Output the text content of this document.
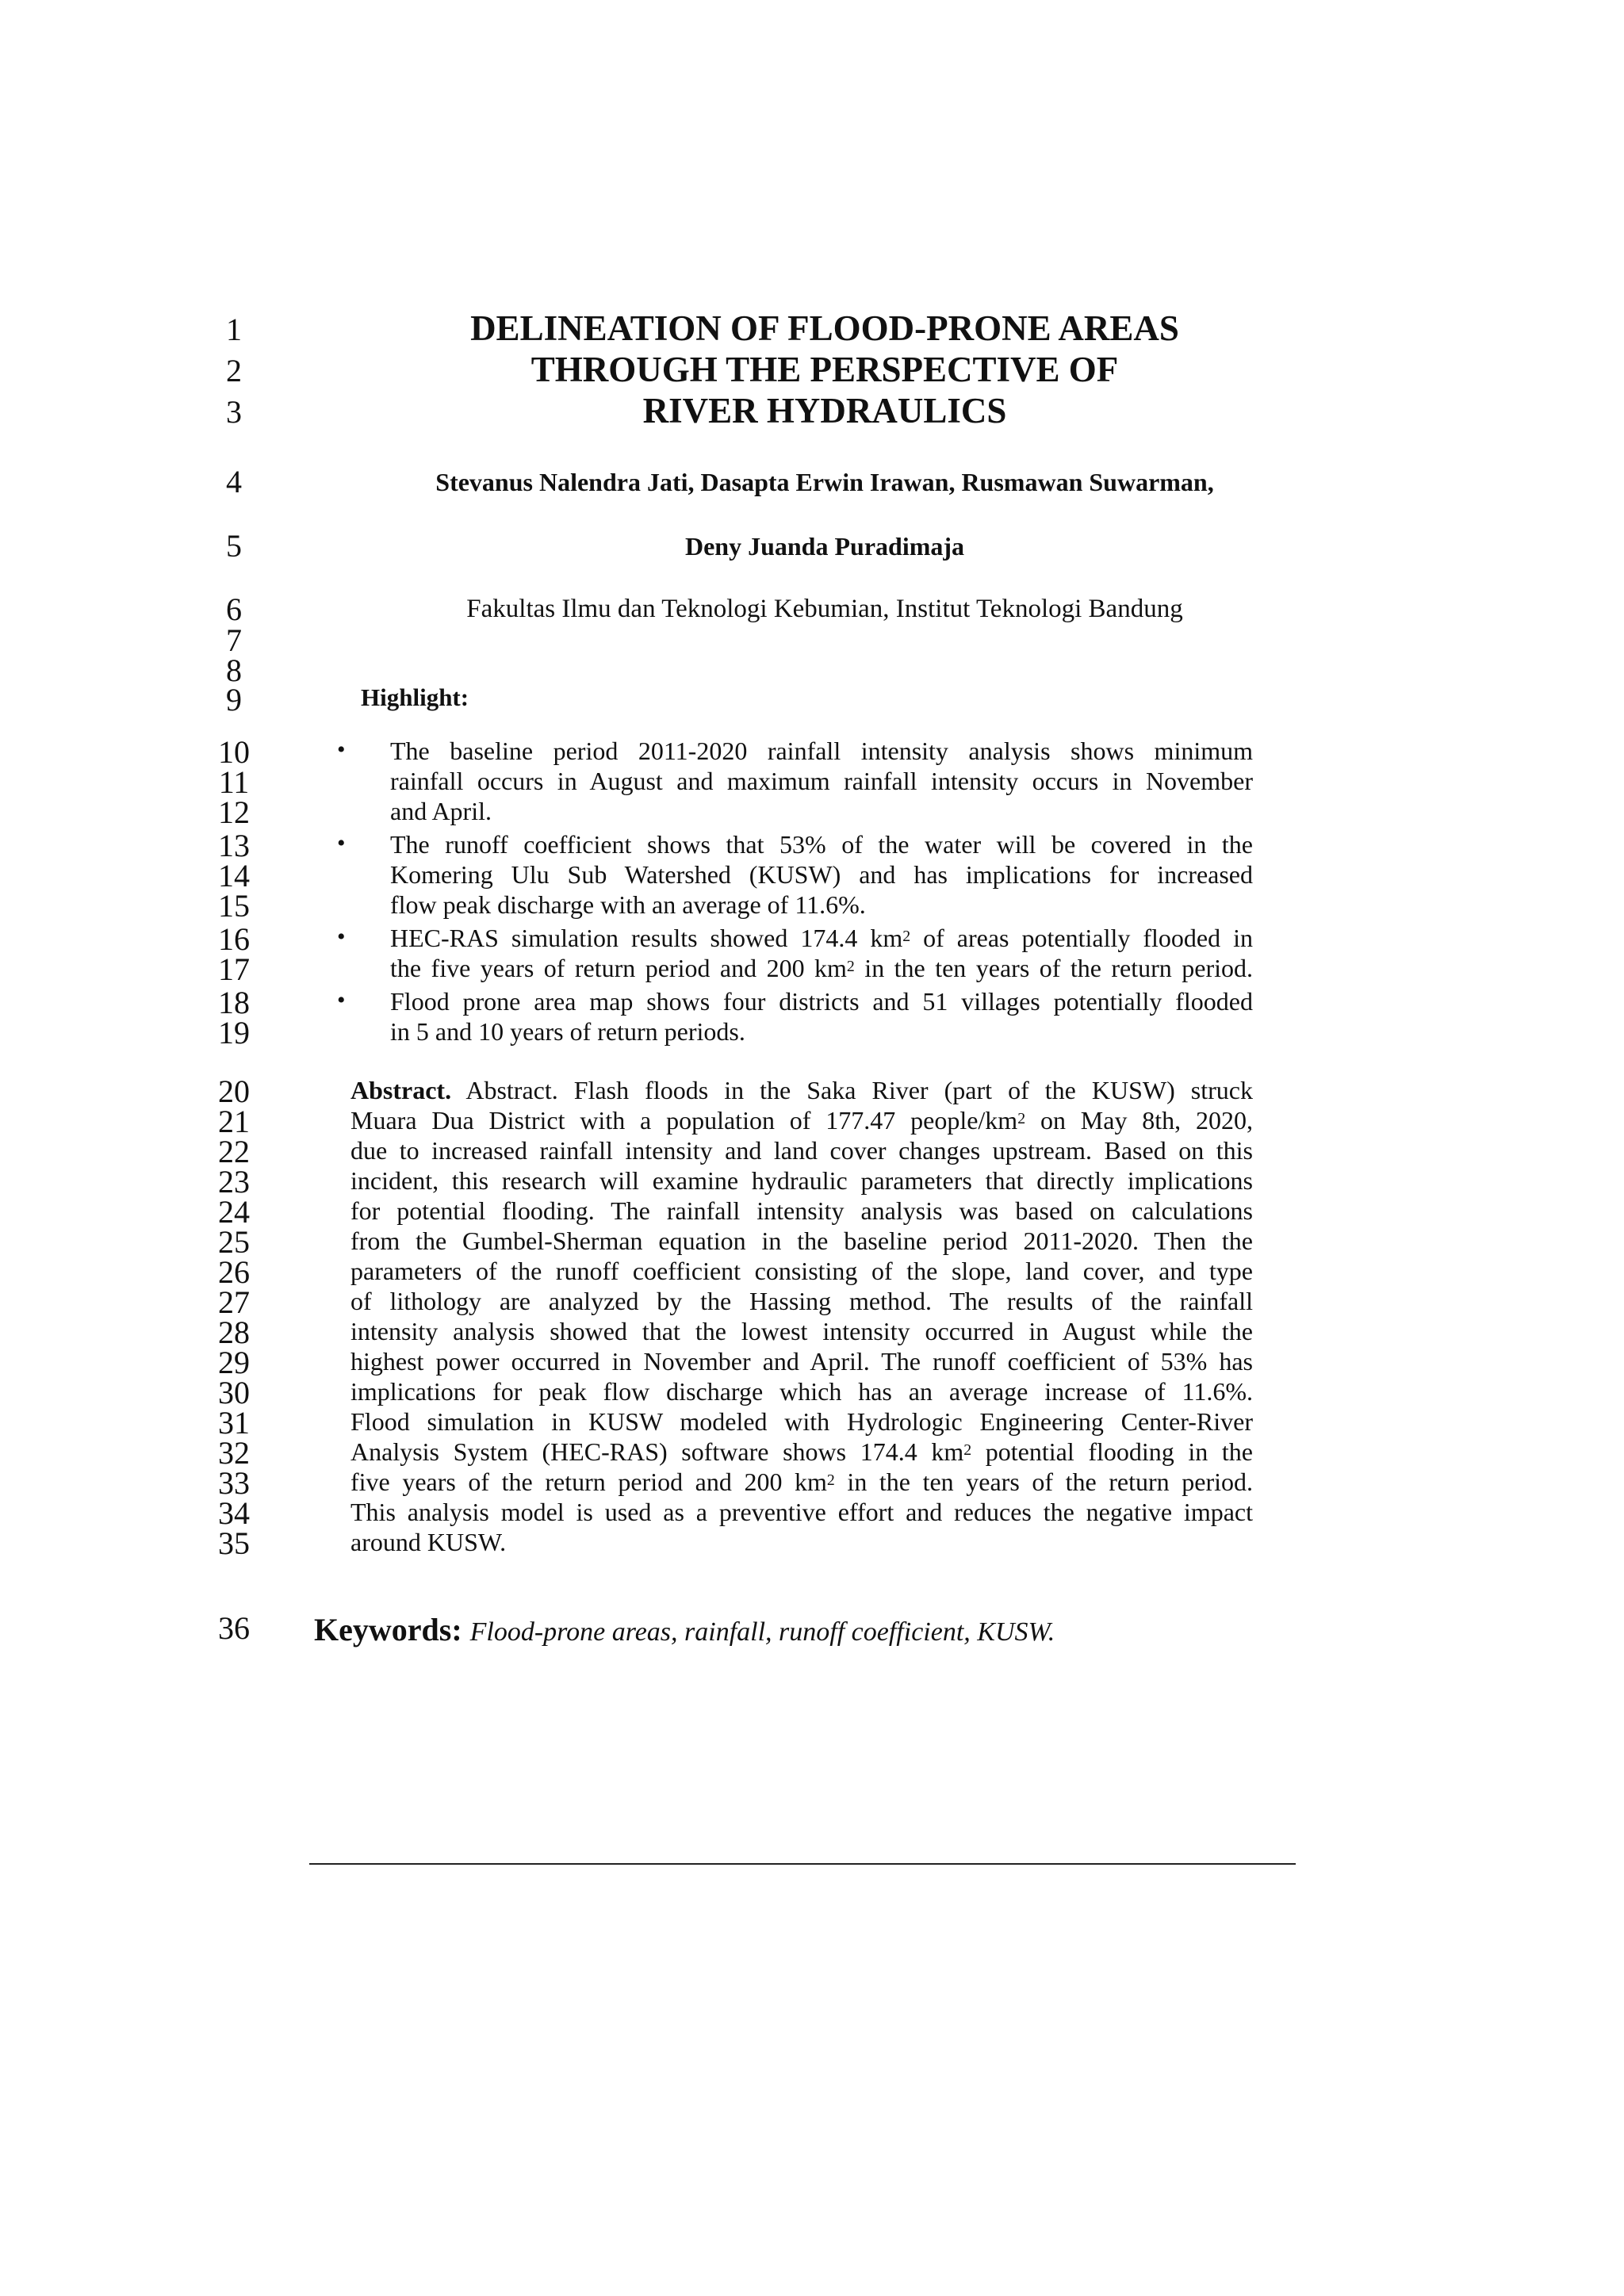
1
2
3
4
5
6
7
8
9
10
11
12
13
14
15
16
17
18
19
20
21
22
23
24
25
26
27
28
29
30
31
32
33
34
35
36
DELINEATION OF FLOOD-PRONE AREAS
THROUGH THE PERSPECTIVE OF
RIVER HYDRAULICS
Stevanus Nalendra Jati, Dasapta Erwin Irawan, Rusmawan Suwarman,
Deny Juanda Puradimaja
Fakultas Ilmu dan Teknologi Kebumian, Institut Teknologi Bandung
Highlight:
• The baseline period 2011-2020 rainfall intensity analysis shows minimum
rainfall occurs in August and maximum rainfall intensity occurs in November
and April.
• The runoff coefficient shows that 53% of the water will be covered in the
Komering Ulu Sub Watershed (KUSW) and has implications for increased
flow peak discharge with an average of 11.6%.
• HEC-RAS simulation results showed 174.4 $km^2$ of areas potentially flooded in
the five years of return period and 200 $km^2$ in the ten years of the return period.
• Flood prone area map shows four districts and 51 villages potentially flooded
in 5 and 10 years of return periods.
Abstract. Abstract. Flash floods in the Saka River (part of the KUSW) struck
Muara Dua District with a population of 177.47 people/$km^2$ on May 8th, 2020,
due to increased rainfall intensity and land cover changes upstream. Based on this
incident, this research will examine hydraulic parameters that directly implications
for potential flooding. The rainfall intensity analysis was based on calculations
from the Gumbel-Sherman equation in the baseline period 2011-2020. Then the
parameters of the runoff coefficient consisting of the slope, land cover, and type
of lithology are analyzed by the Hassing method. The results of the rainfall
intensity analysis showed that the lowest intensity occurred in August while the
highest power occurred in November and April. The runoff coefficient of 53% has
implications for peak flow discharge which has an average increase of 11.6%.
Flood simulation in KUSW modeled with Hydrologic Engineering Center-River
Analysis System (HEC-RAS) software shows 174.4 $km^2$ potential flooding in the
five years of the return period and 200 $km^2$ in the ten years of the return period.
This analysis model is used as a preventive effort and reduces the negative impact
around KUSW.
Keywords: Flood-prone areas, rainfall, runoff coefficient, KUSW.
